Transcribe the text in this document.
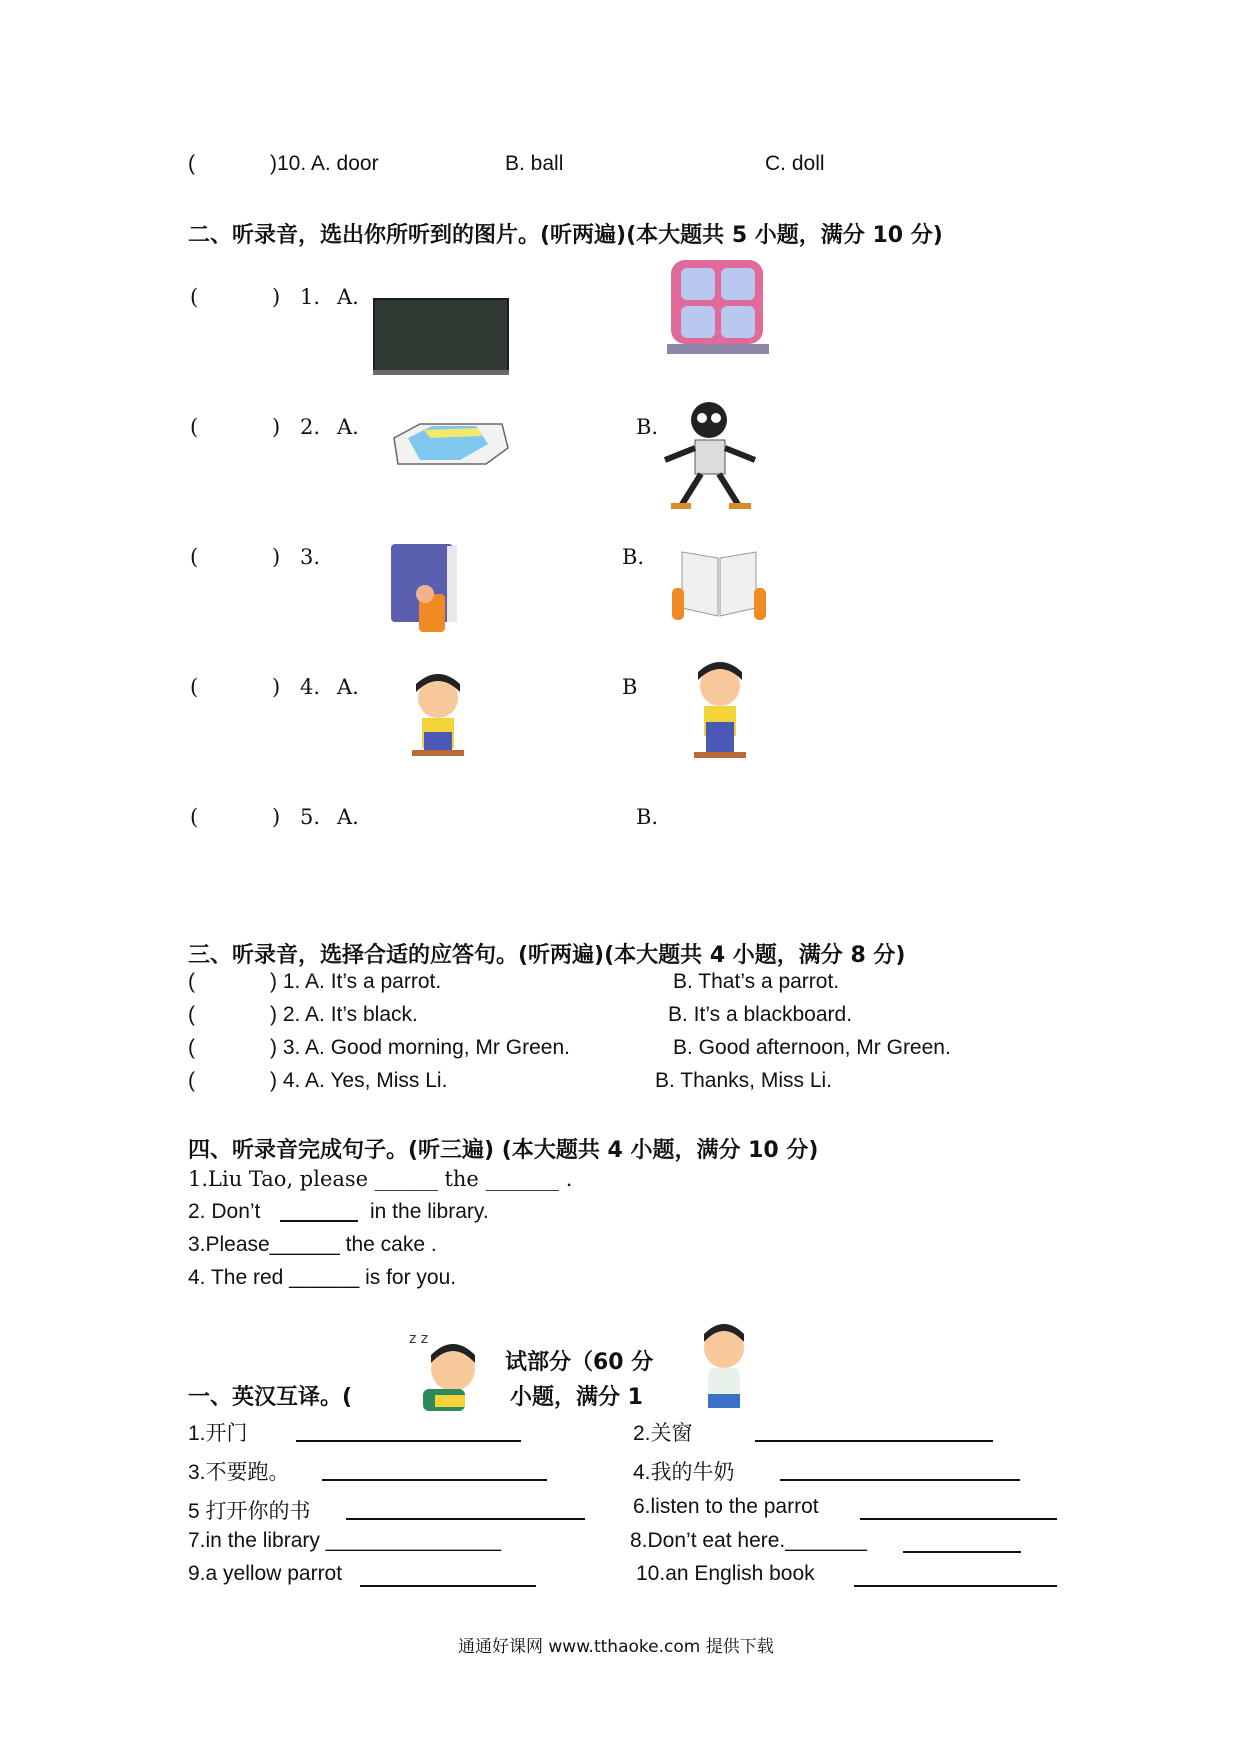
(	)10. A. door	B. ball	C. doll
二、听录音，选出你所听到的图片。(听两遍)(本大题共 5 小题，满分 10 分)
(	) 1. A.
(	) 2. A.	B.
(	) 3.	B.
(	) 4. A.	B
(	) 5. A.	B.
三、听录音，选择合适的应答句。(听两遍)(本大题共 4 小题，满分 8 分)
(	) 1. A. It’s a parrot.	B. That’s a parrot.
(	) 2. A. It’s black.	B. It’s a blackboard.
(	) 3. A. Good morning, Mr Green.	B. Good afternoon, Mr Green.
(	) 4. A. Yes, Miss Li.	B. Thanks, Miss Li.
四、听录音完成句子。(听三遍) (本大题共 4 小题，满分 10 分)
1.Liu Tao, please ______ the _______ .
2. Don’t	in the library.
3.Please______ the cake .
4. The red ______ is for you.
试部分（60 分
一、英汉互译。(	小题，满分 1
z z
1.开门	2.关窗
3.不要跑。	4.我的牛奶
5 打开你的书	6.listen to the parrot
7.in the library _______________	8.Don’t eat here._______
9.a yellow parrot	10.an English book
通通好课网 www.tthaoke.com 提供下载
